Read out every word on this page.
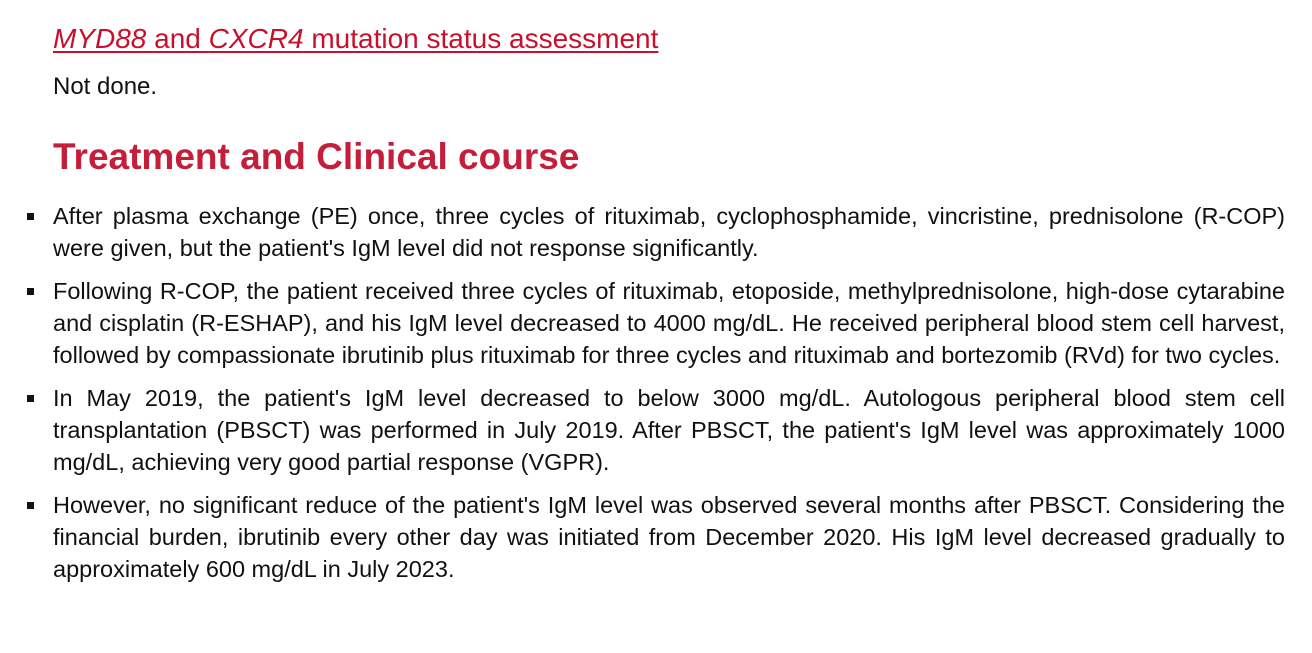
MYD88 and CXCR4 mutation status assessment
Not done.
Treatment and Clinical course
After plasma exchange (PE) once, three cycles of rituximab, cyclophosphamide, vincristine, prednisolone (R-COP) were given, but the patient's IgM level did not response significantly.
Following R-COP, the patient received three cycles of rituximab, etoposide, methylprednisolone, high-dose cytarabine and cisplatin (R-ESHAP), and his IgM level decreased to 4000 mg/dL. He received peripheral blood stem cell harvest, followed by compassionate ibrutinib plus rituximab for three cycles and rituximab and bortezomib (RVd) for two cycles.
In May 2019, the patient's IgM level decreased to below 3000 mg/dL. Autologous peripheral blood stem cell transplantation (PBSCT) was performed in July 2019. After PBSCT, the patient's IgM level was approximately 1000 mg/dL, achieving very good partial response (VGPR).
However, no significant reduce of the patient's IgM level was observed several months after PBSCT. Considering the financial burden, ibrutinib every other day was initiated from December 2020. His IgM level decreased gradually to approximately 600 mg/dL in July 2023.
